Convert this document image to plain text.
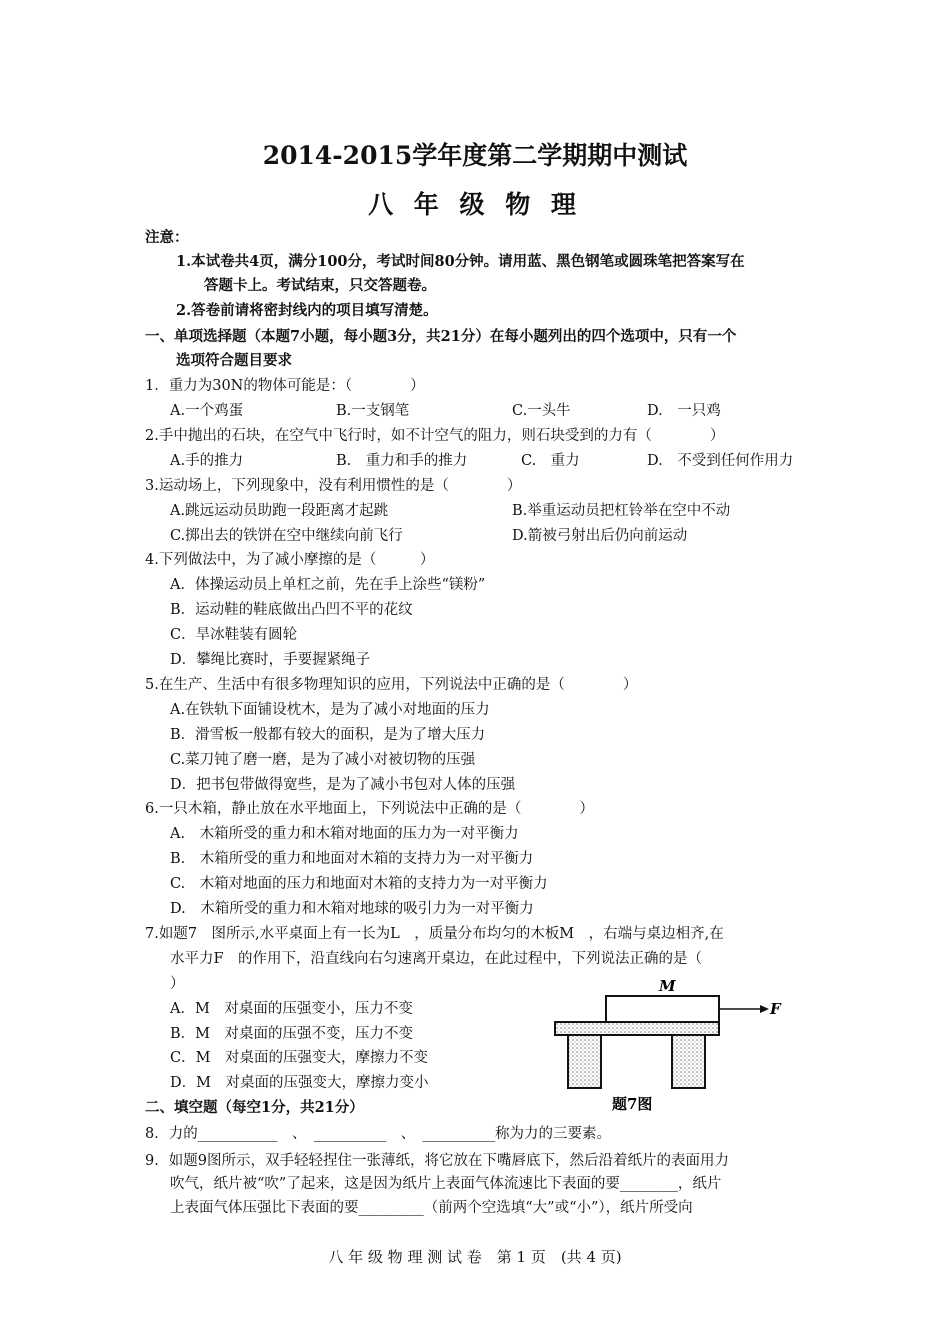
2014-2015学年度第二学期期中测试
八 年 级 物 理
注意：
1.本试卷共4页，满分100分，考试时间80分钟。请用蓝、黑色钢笔或圆珠笔把答案写在
答题卡上。考试结束，只交答题卷。
2.答卷前请将密封线内的项目填写清楚。
一、单项选择题（本题7小题，每小题3分，共21分）在每小题列出的四个选项中，只有一个
选项符合题目要求
1．重力为30N的物体可能是：（　　　　）
A.一个鸡蛋	B.一支钢笔	C.一头牛	D.　一只鸡
2.手中抛出的石块，在空气中飞行时，如不计空气的阻力，则石块受到的力有（　　　　）
A.手的推力	B.　重力和手的推力	C.　重力	D.　不受到任何作用力
3.运动场上，下列现象中，没有利用惯性的是（　　　　）
A.跳远运动员助跑一段距离才起跳	B.举重运动员把杠铃举在空中不动
C.掷出去的铁饼在空中继续向前飞行	D.箭被弓射出后仍向前运动
4.下列做法中，为了减小摩擦的是（　　　）
A．体操运动员上单杠之前，先在手上涂些“镁粉”
B．运动鞋的鞋底做出凸凹不平的花纹
C．旱冰鞋装有圆轮
D．攀绳比赛时，手要握紧绳子
5.在生产、生活中有很多物理知识的应用，下列说法中正确的是（　　　　）
A.在铁轨下面铺设枕木，是为了减小对地面的压力
B．滑雪板一般都有较大的面积，是为了增大压力
C.菜刀钝了磨一磨，是为了减小对被切物的压强
D．把书包带做得宽些，是为了减小书包对人体的压强
6.一只木箱，静止放在水平地面上，下列说法中正确的是（　　　　）
A.　木箱所受的重力和木箱对地面的压力为一对平衡力
B.　木箱所受的重力和地面对木箱的支持力为一对平衡力
C.　木箱对地面的压力和地面对木箱的支持力为一对平衡力
D.　木箱所受的重力和木箱对地球的吸引力为一对平衡力
7.如题7　图所示,水平桌面上有一长为L　，质量分布均匀的木板M　，右端与桌边相齐,在
水平力F　的作用下，沿直线向右匀速离开桌边，在此过程中，下列说法正确的是（
）
A．M　对桌面的压强变小，压力不变
B．M　对桌面的压强不变，压力不变
C．M　对桌面的压强变大，摩擦力不变
D．M　对桌面的压强变大，摩擦力变小
M
F
题7图
二、填空题（每空1分，共21分）
8．力的___________　、　__________　、　__________称为力的三要素。
9．如题9图所示，双手轻轻捏住一张薄纸，将它放在下嘴唇底下，然后沿着纸片的表面用力
吹气，纸片被“吹”了起来，这是因为纸片上表面气体流速比下表面的要________，纸片
上表面气体压强比下表面的要_________（前两个空选填“大”或“小”），纸片所受向
八 年 级 物 理 测 试 卷　第 1 页　(共 4 页)
